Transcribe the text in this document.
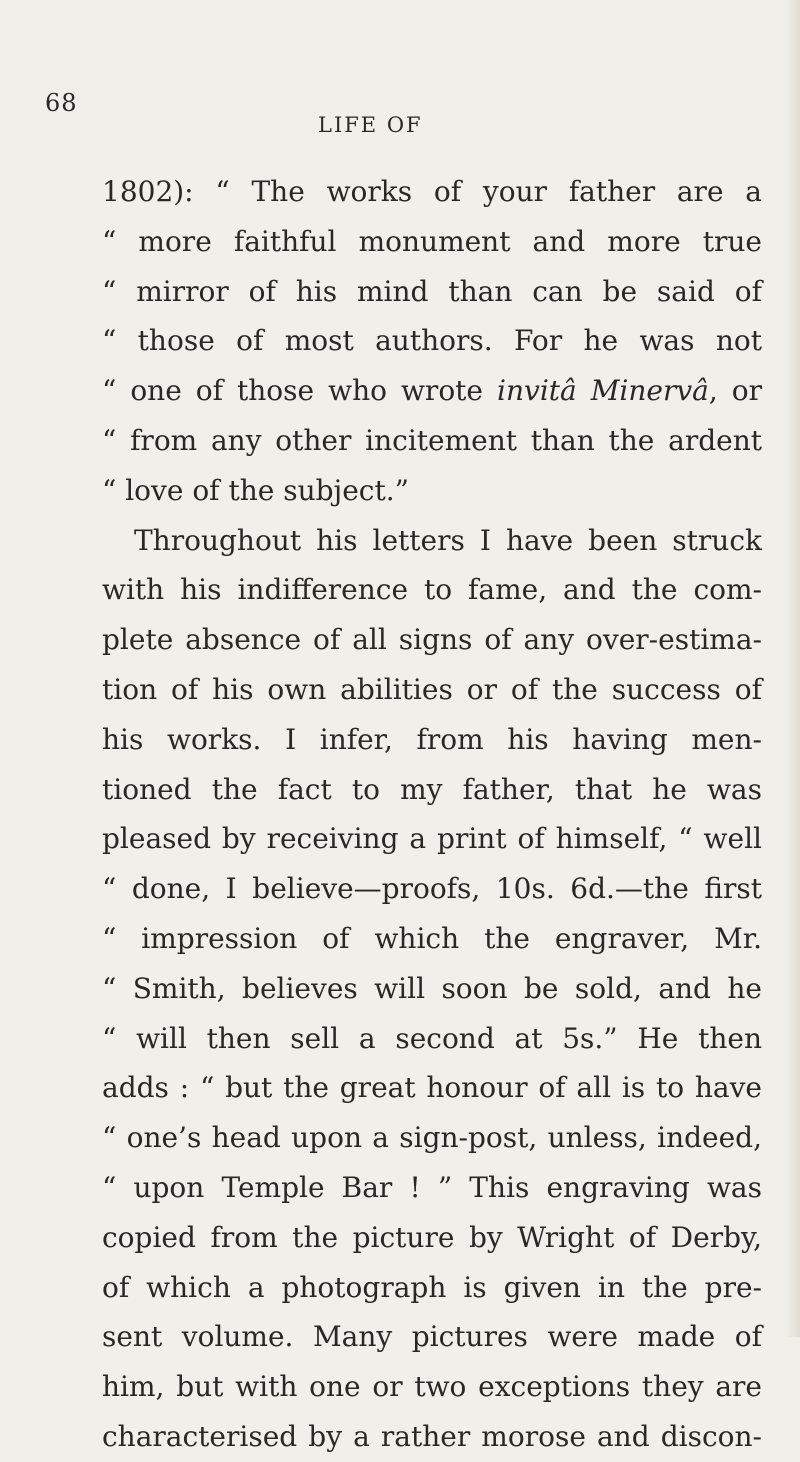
68
LIFE OF
1802): “ The works of your father are a
“ more faithful monument and more true
“ mirror of his mind than can be said of
“ those of most authors. For he was not
“ one of those who wrote invitâ Minervâ, or
“ from any other incitement than the ardent
“ love of the subject.”
Throughout his letters I have been struck
with his indifference to fame, and the com-
plete absence of all signs of any over-estima-
tion of his own abilities or of the success of
his works. I infer, from his having men-
tioned the fact to my father, that he was
pleased by receiving a print of himself, “ well
“ done, I believe—proofs, 10s. 6d.—the first
“ impression of which the engraver, Mr.
“ Smith, believes will soon be sold, and he
“ will then sell a second at 5s.” He then
adds : “ but the great honour of all is to have
“ one’s head upon a sign-post, unless, indeed,
“ upon Temple Bar ! ” This engraving was
copied from the picture by Wright of Derby,
of which a photograph is given in the pre-
sent volume. Many pictures were made of
him, but with one or two exceptions they are
characterised by a rather morose and discon-
